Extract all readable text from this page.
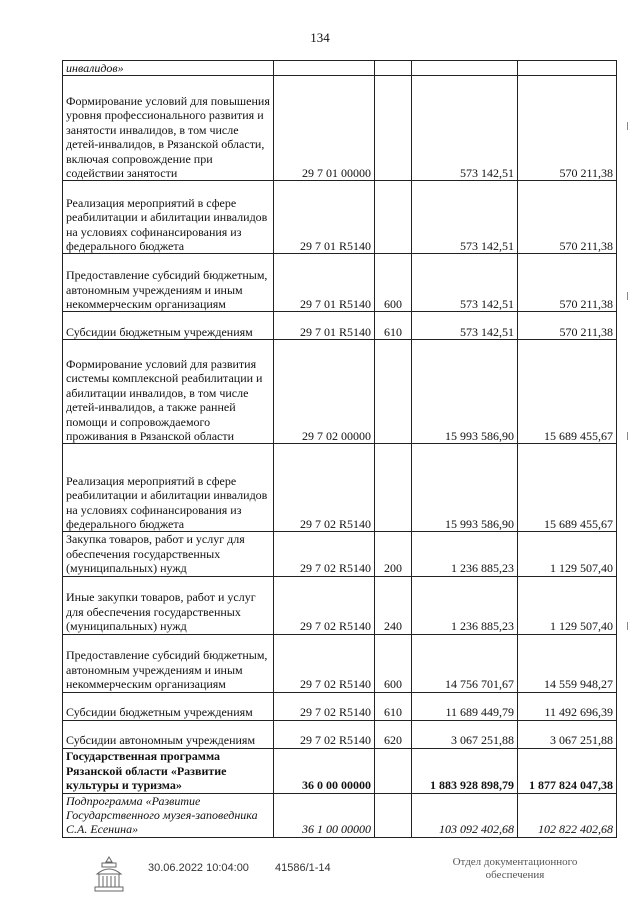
134
инвалидов»				
Формирование условий для повышения уровня профессионального развития и занятости инвалидов, в том числе детей-инвалидов, в Рязанской области, включая сопровождение при содействии занятости	29 7 01 00000		573 142,51	570 211,38
Реализация мероприятий в сфере реабилитации и абилитации инвалидов на условиях софинансирования из федерального бюджета	29 7 01 R5140		573 142,51	570 211,38
Предоставление субсидий бюджетным, автономным учреждениям и иным некоммерческим организациям	29 7 01 R5140	600	573 142,51	570 211,38
Субсидии бюджетным учреждениям	29 7 01 R5140	610	573 142,51	570 211,38
Формирование условий для развития системы комплексной реабилитации и абилитации инвалидов, в том числе детей-инвалидов, а также ранней помощи и сопровождаемого проживания в Рязанской области	29 7 02 00000		15 993 586,90	15 689 455,67
Реализация мероприятий в сфере реабилитации и абилитации инвалидов на условиях софинансирования из федерального бюджета	29 7 02 R5140		15 993 586,90	15 689 455,67
Закупка товаров, работ и услуг для обеспечения государственных (муниципальных) нужд	29 7 02 R5140	200	1 236 885,23	1 129 507,40
Иные закупки товаров, работ и услуг для обеспечения государственных (муниципальных) нужд	29 7 02 R5140	240	1 236 885,23	1 129 507,40
Предоставление субсидий бюджетным, автономным учреждениям и иным некоммерческим организациям	29 7 02 R5140	600	14 756 701,67	14 559 948,27
Субсидии бюджетным учреждениям	29 7 02 R5140	610	11 689 449,79	11 492 696,39
Субсидии автономным учреждениям	29 7 02 R5140	620	3 067 251,88	3 067 251,88
Государственная программа Рязанской области «Развитие культуры и туризма»	36 0 00 00000		1 883 928 898,79	1 877 824 047,38
Подпрограмма «Развитие Государственного музея-заповедника С.А. Есенина»	36 1 00 00000		103 092 402,68	102 822 402,68
30.06.2022 10:04:00 41586/1-14	Отдел документационного
обеспечения
